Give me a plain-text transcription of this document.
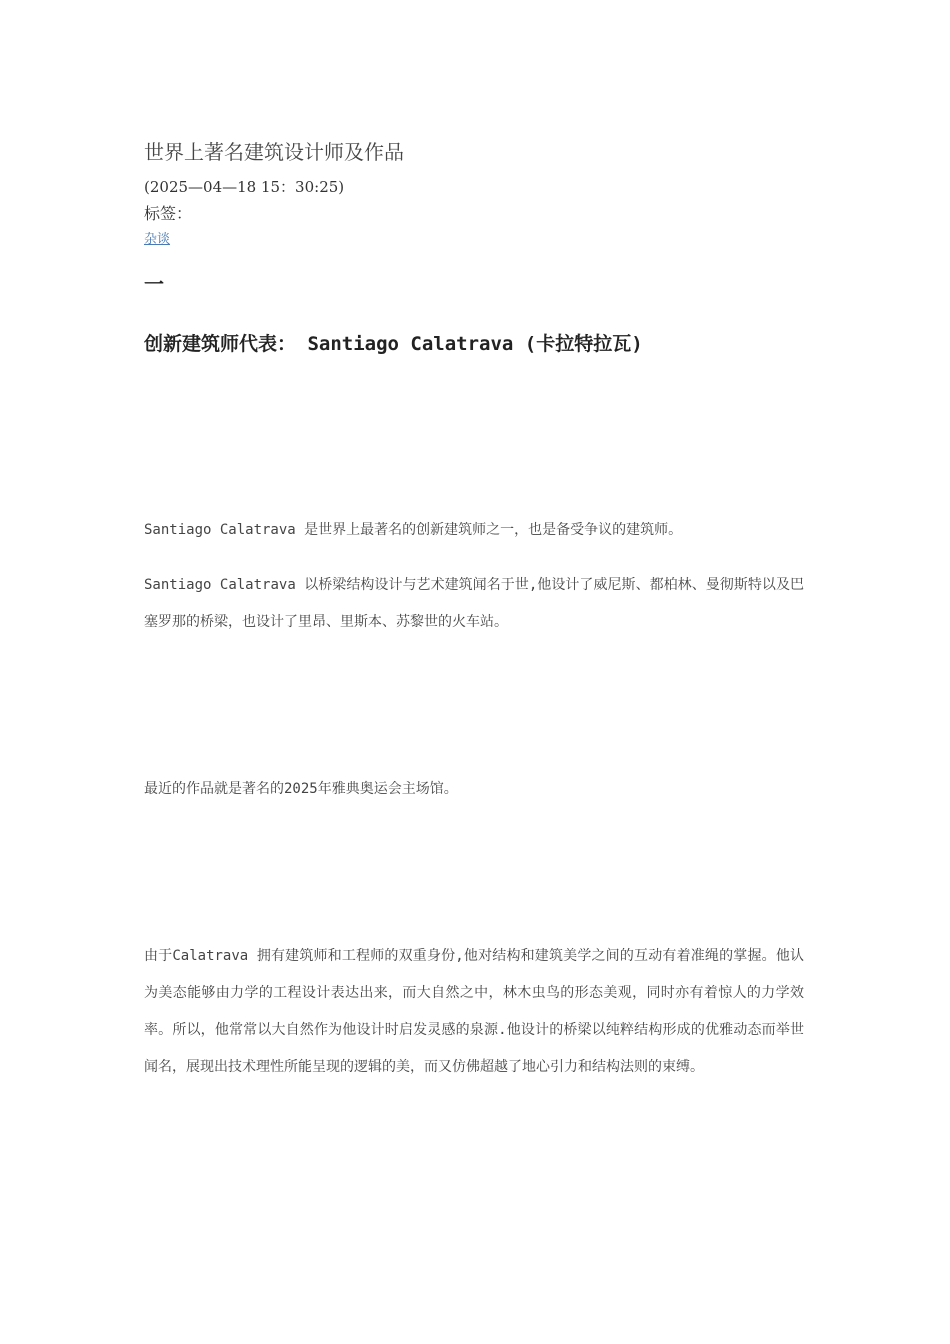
世界上著名建筑设计师及作品
(2025—04—18 15：30:25)
标签：
杂谈
一
创新建筑师代表： Santiago Calatrava (卡拉特拉瓦)

Santiago Calatrava 是世界上最著名的创新建筑师之一，也是备受争议的建筑师。

Santiago Calatrava 以桥梁结构设计与艺术建筑闻名于世,他设计了威尼斯、都柏林、曼彻斯特以及巴塞罗那的桥梁，也设计了里昂、里斯本、苏黎世的火车站。

最近的作品就是著名的2025年雅典奥运会主场馆。

由于Calatrava 拥有建筑师和工程师的双重身份,他对结构和建筑美学之间的互动有着准绳的掌握。他认为美态能够由力学的工程设计表达出来，而大自然之中，林木虫鸟的形态美观，同时亦有着惊人的力学效率。所以，他常常以大自然作为他设计时启发灵感的泉源.他设计的桥梁以纯粹结构形成的优雅动态而举世闻名，展现出技术理性所能呈现的逻辑的美，而又仿佛超越了地心引力和结构法则的束缚。
